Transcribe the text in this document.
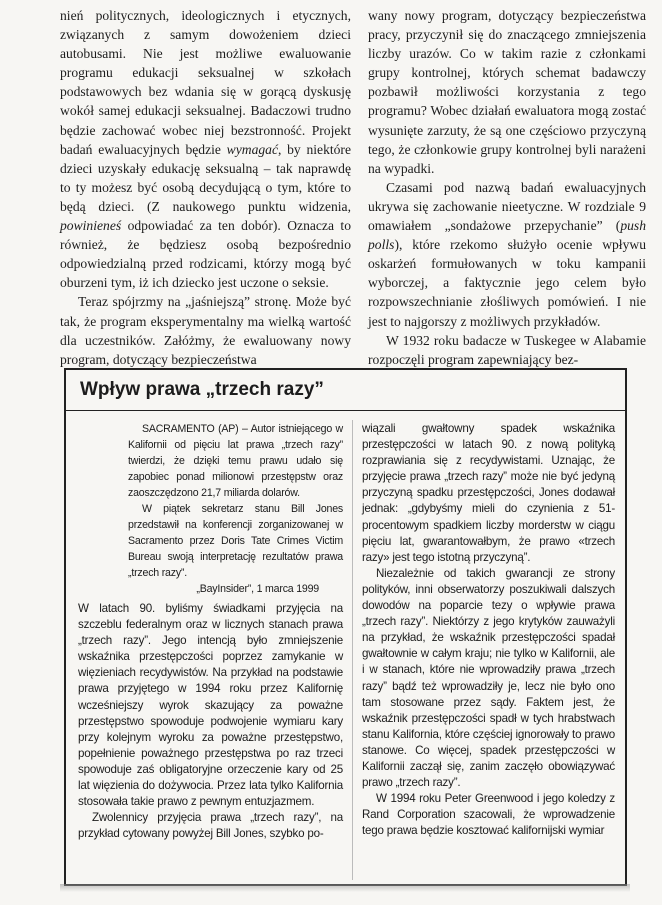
nień politycznych, ideologicznych i etycznych, związanych z samym dowożeniem dzieci autobusami. Nie jest możliwe ewaluowanie programu edukacji seksualnej w szkołach podstawowych bez wdania się w gorącą dyskusję wokół samej edukacji seksualnej. Badaczowi trudno będzie zachować wobec niej bezstronność. Projekt badań ewaluacyjnych będzie wymagać, by niektóre dzieci uzyskały edukację seksualną – tak naprawdę to ty możesz być osobą decydującą o tym, które to będą dzieci. (Z naukowego punktu widzenia, powinieneś odpowiadać za ten dobór). Oznacza to również, że będziesz osobą bezpośrednio odpowiedzialną przed rodzicami, którzy mogą być oburzeni tym, iż ich dziecko jest uczone o seksie.

Teraz spójrzmy na „jaśniejszą” stronę. Może być tak, że program eksperymentalny ma wielką wartość dla uczestników. Załóżmy, że ewaluowany nowy program, dotyczący bezpieczeństwa

wany nowy program, dotyczący bezpieczeństwa pracy, przyczynił się do znaczącego zmniejszenia liczby urazów. Co w takim razie z członkami grupy kontrolnej, których schemat badawczy pozbawił możliwości korzystania z tego programu? Wobec działań ewaluatora mogą zostać wysunięte zarzuty, że są one częściowo przyczyną tego, że członkowie grupy kontrolnej byli narażeni na wypadki.

Czasami pod nazwą badań ewaluacyjnych ukrywa się zachowanie nieetyczne. W rozdziale 9 omawiałem „sondażowe przepychanie” (push polls), które rzekomo służyło ocenie wpływu oskarżeń formułowanych w toku kampanii wyborczej, a faktycznie jego celem było rozpowszechnianie złośliwych pomówień. I nie jest to najgorszy z możliwych przykładów.

W 1932 roku badacze w Tuskegee w Alabamie rozpoczęli program zapewniający bez-

Wpływ prawa „trzech razy”

SACRAMENTO (AP) – Autor istniejącego w Kalifornii od pięciu lat prawa „trzech razy” twierdzi, że dzięki temu prawu udało się zapobiec ponad milionowi przestępstw oraz zaoszczędzono 21,7 miliarda dolarów.

W piątek sekretarz stanu Bill Jones przedstawił na konferencji zorganizowanej w Sacramento przez Doris Tate Crimes Victim Bureau swoją interpretację rezultatów prawa „trzech razy”.

„BayInsider”, 1 marca 1999

W latach 90. byliśmy świadkami przyjęcia na szczeblu federalnym oraz w licznych stanach prawa „trzech razy”. Jego intencją było zmniejszenie wskaźnika przestępczości poprzez zamykanie w więzieniach recydywistów. Na przykład na podstawie prawa przyjętego w 1994 roku przez Kalifornię wcześniejszy wyrok skazujący za poważne przestępstwo spowoduje podwojenie wymiaru kary przy kolejnym wyroku za poważne przestępstwo, popełnienie poważnego przestępstwa po raz trzeci spowoduje zaś obligatoryjne orzeczenie kary od 25 lat więzienia do dożywocia. Przez lata tylko Kalifornia stosowała takie prawo z pewnym entuzjazmem.

Zwolennicy przyjęcia prawa „trzech razy”, na przykład cytowany powyżej Bill Jones, szybko po-

wiązali gwałtowny spadek wskaźnika przestępczości w latach 90. z nową polityką rozprawiania się z recydywistami. Uznając, że przyjęcie prawa „trzech razy” może nie być jedyną przyczyną spadku przestępczości, Jones dodawał jednak: „gdybyśmy mieli do czynienia z 51-procentowym spadkiem liczby morderstw w ciągu pięciu lat, gwarantowałbym, że prawo «trzech razy» jest tego istotną przyczyną”.

Niezależnie od takich gwarancji ze strony polityków, inni obserwatorzy poszukiwali dalszych dowodów na poparcie tezy o wpływie prawa „trzech razy”. Niektórzy z jego krytyków zauważyli na przykład, że wskaźnik przestępczości spadał gwałtownie w całym kraju; nie tylko w Kalifornii, ale i w stanach, które nie wprowadziły prawa „trzech razy” bądź też wprowadziły je, lecz nie było ono tam stosowane przez sądy. Faktem jest, że wskaźnik przestępczości spadł w tych hrabstwach stanu Kalifornia, które częściej ignorowały to prawo stanowe. Co więcej, spadek przestępczości w Kalifornii zaczął się, zanim zaczęło obowiązywać prawo „trzech razy”.

W 1994 roku Peter Greenwood i jego koledzy z Rand Corporation szacowali, że wprowadzenie tego prawa będzie kosztować kalifornijski wymiar
